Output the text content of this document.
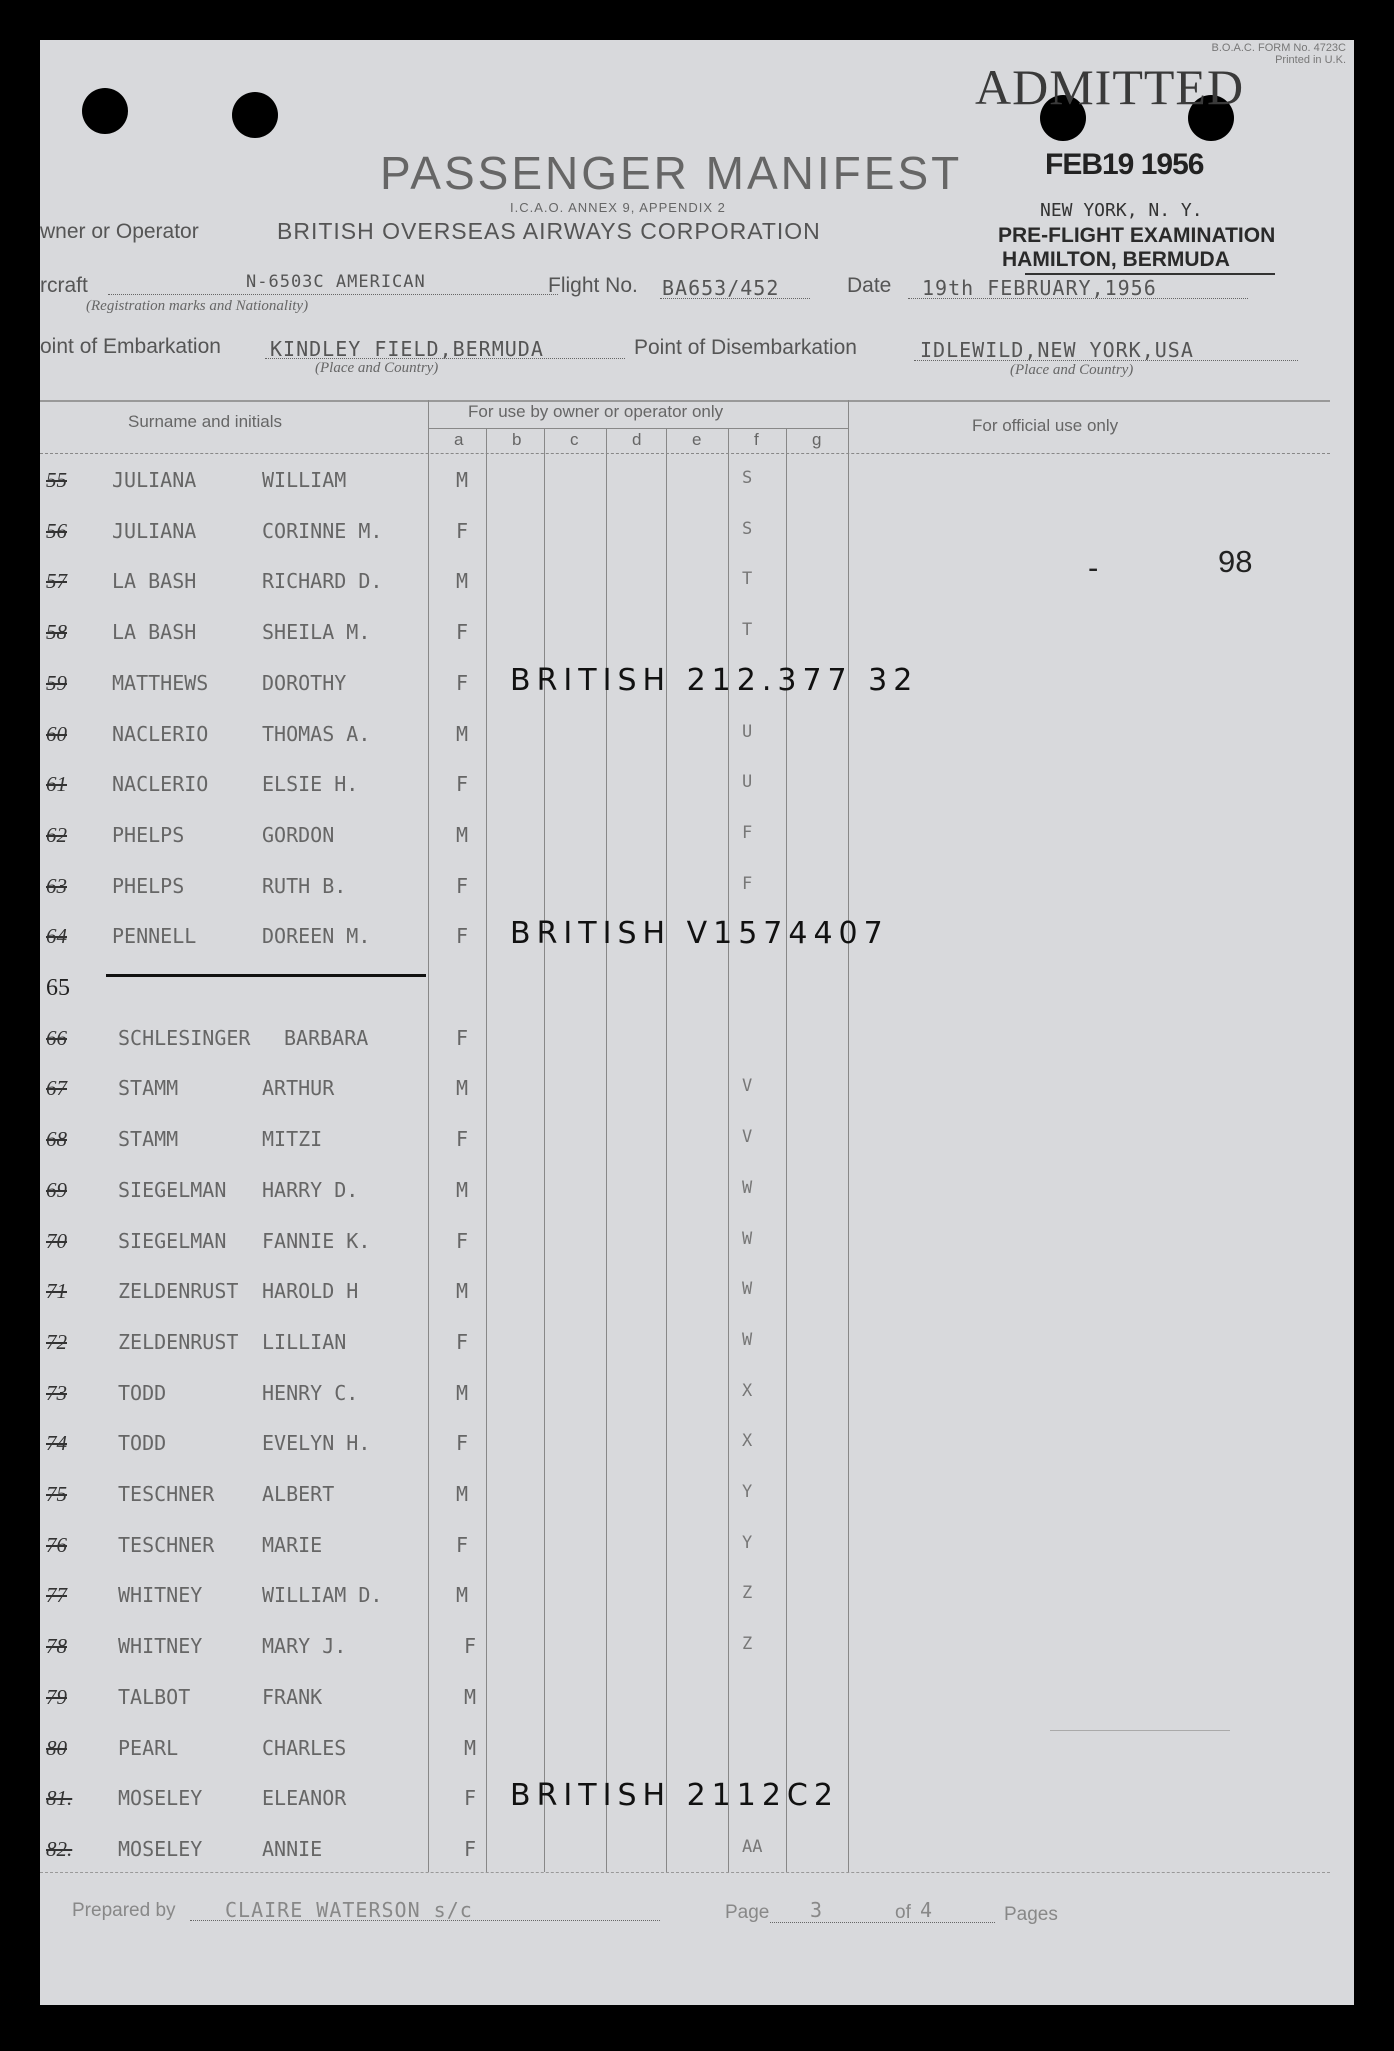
B.O.A.C. FORM No. 4723C
Printed in U.K.
ADMITTED
FEB19 1956
NEW YORK, N. Y.
PRE-FLIGHT EXAMINATION
HAMILTON, BERMUDA
PASSENGER MANIFEST
I.C.A.O. ANNEX 9, APPENDIX 2
wner or Operator	BRITISH OVERSEAS AIRWAYS CORPORATION
rcraft	N-6503C AMERICAN
(Registration marks and Nationality)
Flight No. BA653/452	Date 19th FEBRUARY,1956
oint of Embarkation KINDLEY FIELD,BERMUDA
(Place and Country)
Point of Disembarkation	IDLEWILD,NEW YORK,USA
(Place and Country)
Surname and initials
For use by owner or operator only
For official use only
a	b	c	d	e	f	g
-	98
55 JULIANA	WILLIAM	M	S
56 JULIANA	CORINNE M.	F	S
57 LA BASH	RICHARD D.	M	T
58 LA BASH	SHEILA M.	F	T
59 MATTHEWS	DOROTHY	F BRITISH 212.377 32
60 NACLERIO	THOMAS A.	M	U
61 NACLERIO	ELSIE H.	F	U
62 PHELPS	GORDON	M	F
63 PHELPS	RUTH B.	F	F
64 PENNELL	DOREEN M.	F BRITISH V1574407
65
66	SCHLESINGER BARBARA	F
67	STAMM	ARTHUR	M	V
68	STAMM	MITZI	F	V
69	SIEGELMAN HARRY D.	M	W
70	SIEGELMAN FANNIE K.	F	W
71	ZELDENRUST HAROLD H	M	W
72	ZELDENRUST LILLIAN	F	W
73	TODD	HENRY C.	M	X
74	TODD	EVELYN H.	F	X
75	TESCHNER ALBERT	M	Y
76	TESCHNER MARIE	F	Y
77	WHITNEY	WILLIAM D.	M	Z
78	WHITNEY	MARY J.	F	Z
79	TALBOT	FRANK	M
80	PEARL	CHARLES	M
81. MOSELEY	ELEANOR	F BRITISH 2112C2
82. MOSELEY	ANNIE	F	AA
Prepared by CLAIRE WATERSON s/c	Page 3	of 4	Pages
